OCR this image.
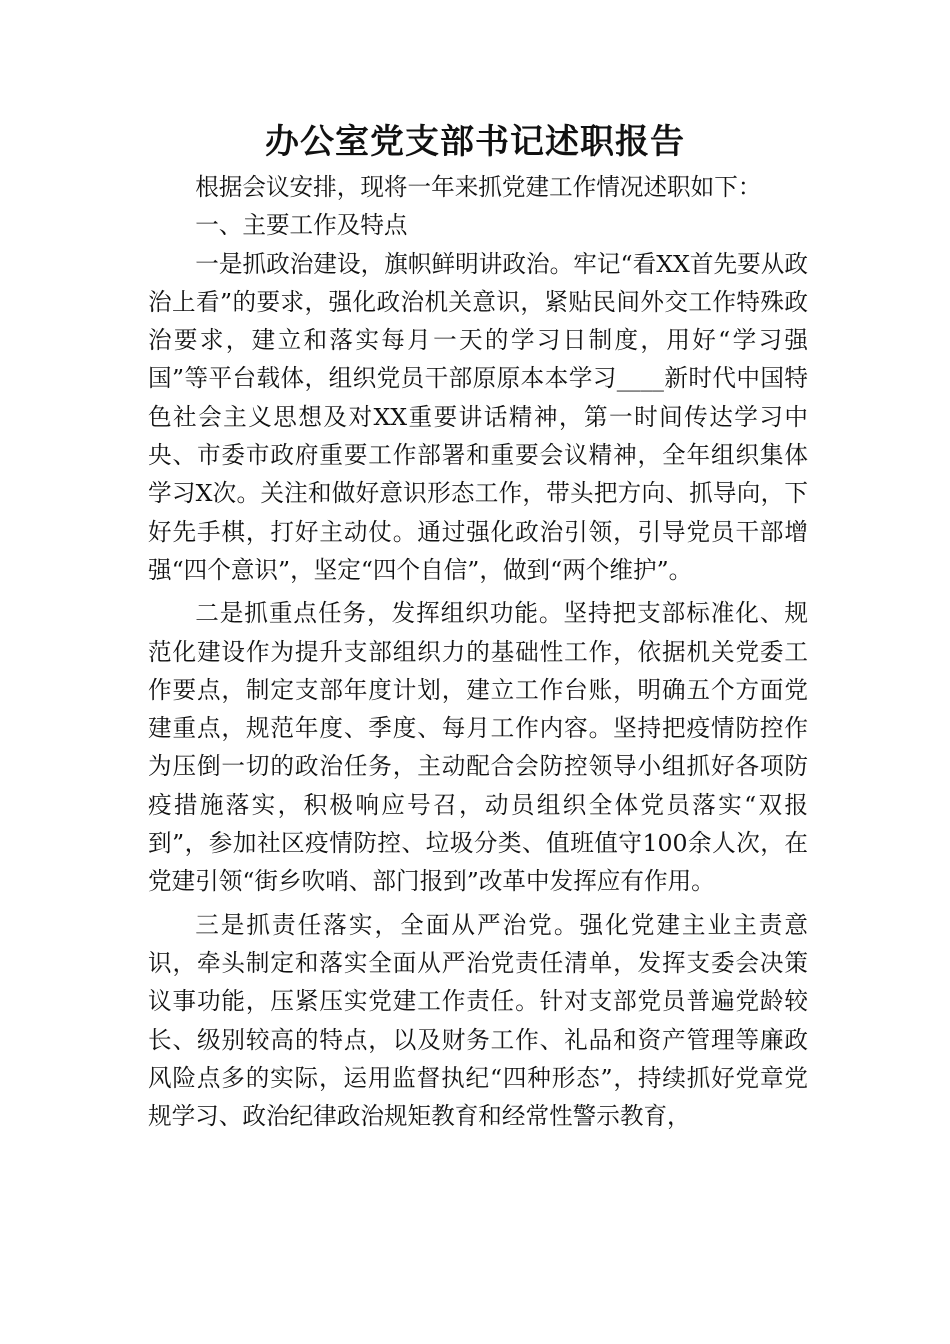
办公室党支部书记述职报告

根据会议安排，现将一年来抓党建工作情况述职如下：

一、主要工作及特点

一是抓政治建设，旗帜鲜明讲政治。牢记“看XX首先要从政治上看”的要求，强化政治机关意识，紧贴民间外交工作特殊政治要求，建立和落实每月一天的学习日制度，用好“学习强国”等平台载体，组织党员干部原原本本学习____新时代中国特色社会主义思想及对XX重要讲话精神，第一时间传达学习中央、市委市政府重要工作部署和重要会议精神，全年组织集体学习X次。关注和做好意识形态工作，带头把方向、抓导向，下好先手棋，打好主动仗。通过强化政治引领，引导党员干部增强“四个意识”，坚定“四个自信”，做到“两个维护”。

二是抓重点任务，发挥组织功能。坚持把支部标准化、规范化建设作为提升支部组织力的基础性工作，依据机关党委工作要点，制定支部年度计划，建立工作台账，明确五个方面党建重点，规范年度、季度、每月工作内容。坚持把疫情防控作为压倒一切的政治任务，主动配合会防控领导小组抓好各项防疫措施落实，积极响应号召，动员组织全体党员落实“双报到”，参加社区疫情防控、垃圾分类、值班值守100余人次，在党建引领“街乡吹哨、部门报到”改革中发挥应有作用。

三是抓责任落实，全面从严治党。强化党建主业主责意识，牵头制定和落实全面从严治党责任清单，发挥支委会决策议事功能，压紧压实党建工作责任。针对支部党员普遍党龄较长、级别较高的特点，以及财务工作、礼品和资产管理等廉政风险点多的实际，运用监督执纪“四种形态”，持续抓好党章党规学习、政治纪律政治规矩教育和经常性警示教育，
